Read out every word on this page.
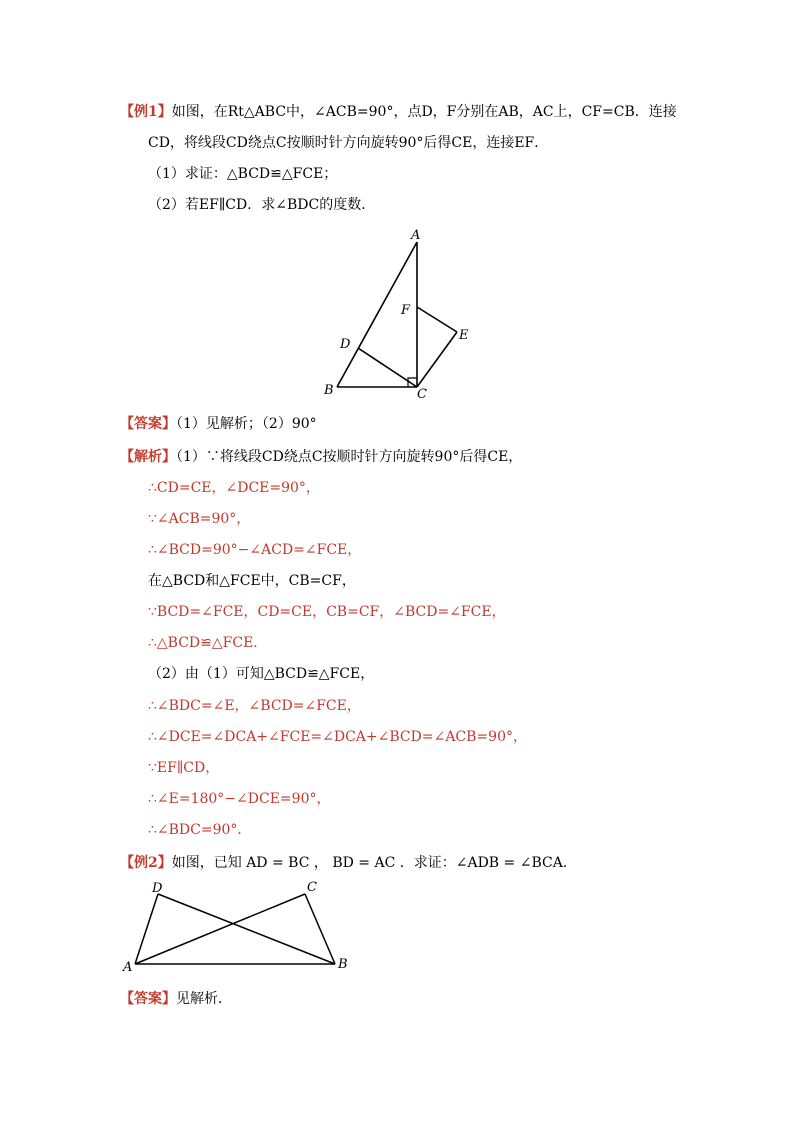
【例1】如图，在Rt△ABC中，∠ACB=90°，点D，F分别在AB，AC上，CF=CB．连接
CD，将线段CD绕点C按顺时针方向旋转90°后得CE，连接EF．
（1）求证：△BCD≌△FCE；
（2）若EF∥CD．求∠BDC的度数．
A
B	C
D
E
F
【答案】（1）见解析；（2）90°
【解析】（1）∵将线段CD绕点C按顺时针方向旋转90°后得CE，
∴CD=CE，∠DCE=90°，
∵∠ACB=90°，
∴∠BCD=90°−∠ACD=∠FCE，
在△BCD和△FCE中，CB=CF，
∵BCD=∠FCE，CD=CE，CB=CF，∠BCD=∠FCE，
∴△BCD≌△FCE．
（2）由（1）可知△BCD≌△FCE，
∴∠BDC=∠E，∠BCD=∠FCE，
∴∠DCE=∠DCA+∠FCE=∠DCA+∠BCD=∠ACB=90°，
∵EF∥CD，
∴∠E=180°−∠DCE=90°，
∴∠BDC=90°．
【例2】如图，已知 AD = BC ， BD = AC ．求证：∠ADB = ∠BCA．
A	B
C
D
【答案】见解析．
